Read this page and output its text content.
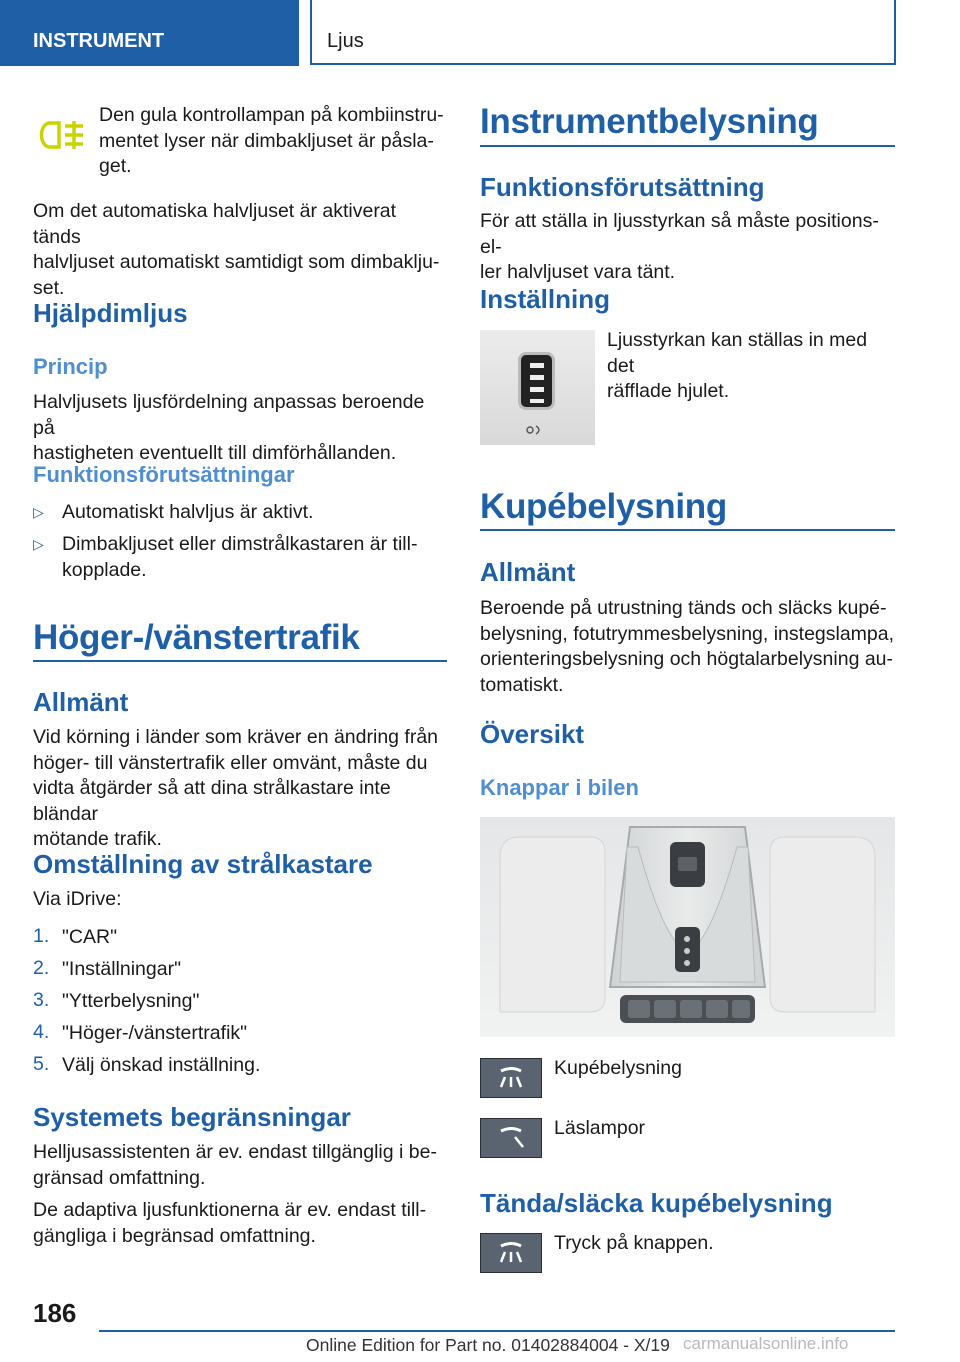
INSTRUMENT	Ljus

Den gula kontrollampan på kombiinstru-
mentet lyser när dimbakljuset är påsla-
get.

Om det automatiska halvljuset är aktiverat tänds
halvljuset automatiskt samtidigt som dimbaklju-
set.

Hjälpdimljus
Princip

Halvljusets ljusfördelning anpassas beroende på
hastigheten eventuellt till dimförhållanden.

Funktionsförutsättningar
▷ Automatiskt halvljus är aktivt.
▷ Dimbakljuset eller dimstrålkastaren är till-
kopplade.
Höger-/vänstertrafik
Allmänt

Vid körning i länder som kräver en ändring från
höger- till vänstertrafik eller omvänt, måste du
vidta åtgärder så att dina strålkastare inte bländar
mötande trafik.

Omställning av strålkastare

Via iDrive:

1. "CAR"
2. "Inställningar"
3. "Ytterbelysning"
4. "Höger-/vänstertrafik"
5. Välj önskad inställning.
Systemets begränsningar

Helljusassistenten är ev. endast tillgänglig i be-
gränsad omfattning.

De adaptiva ljusfunktionerna är ev. endast till-
gängliga i begränsad omfattning.

Instrumentbelysning
Funktionsförutsättning

För att ställa in ljusstyrkan så måste positions- el-
ler halvljuset vara tänt.

Inställning

Ljusstyrkan kan ställas in med det
räfflade hjulet.

Kupébelysning
Allmänt

Beroende på utrustning tänds och släcks kupé-
belysning, fotutrymmesbelysning, instegslampa,
orienteringsbelysning och högtalarbelysning au-
tomatiskt.

Översikt
Knappar i bilen

Kupébelysning

Läslampor

Tända/släcka kupébelysning

Tryck på knappen.

186
Online Edition for Part no. 01402884004 - X/19 carmanualsonline.info
